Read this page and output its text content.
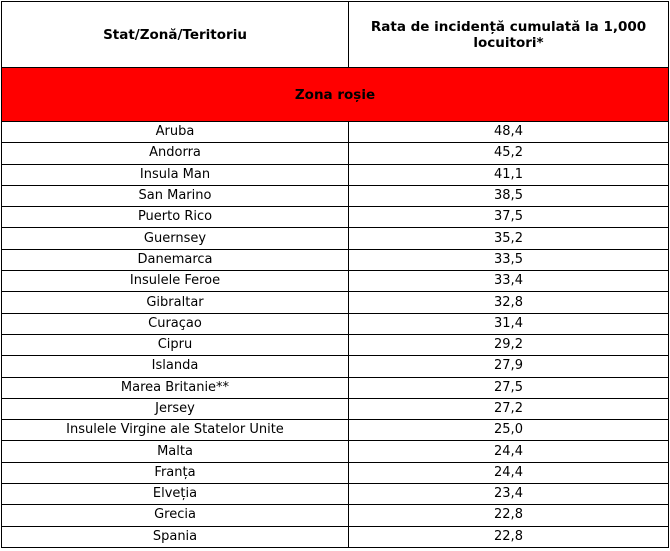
Stat/Zonă/Teritoriu	Rata de incidență cumulată la 1,000 locuitori*
Zona roșie	
Aruba	48,4
Andorra	45,2
Insula Man	41,1
San Marino	38,5
Puerto Rico	37,5
Guernsey	35,2
Danemarca	33,5
Insulele Feroe	33,4
Gibraltar	32,8
Curaçao	31,4
Cipru	29,2
Islanda	27,9
Marea Britanie**	27,5
Jersey	27,2
Insulele Virgine ale Statelor Unite	25,0
Malta	24,4
Franța	24,4
Elveția	23,4
Grecia	22,8
Spania	22,8
